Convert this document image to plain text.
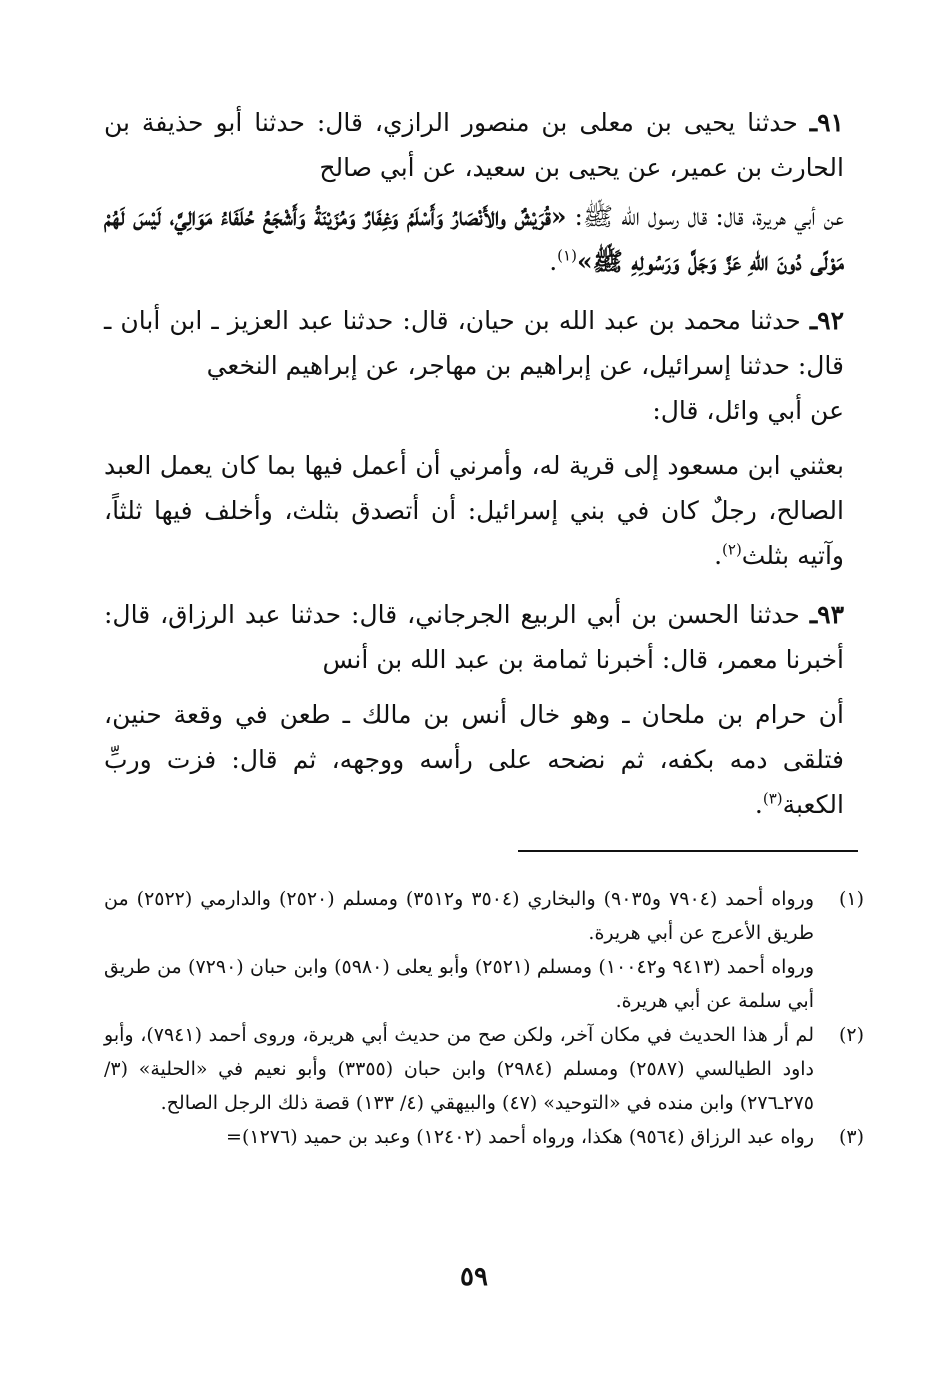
٩١ـ حدثنا يحيى بن معلى بن منصور الرازي، قال: حدثنا أبو حذيفة بن الحارث بن عمير، عن يحيى بن سعيد، عن أبي صالح

عن أبي هريرة، قال: قال رسول الله ﷺ: «قُرَيْشٌ والأَنْصَارُ وَأَسْلَمُ وَغِفَارٌ وَمُزَيْنَةُ وَأَشْجَعُ حُلَفَاءُ مَوَالِيَّ، لَيْسَ لَهُمْ مَوْلًى دُونَ اللهِ عَزَّ وَجَلَّ وَرَسُولِهِ ﷺ»$^{(١)}$.

٩٢ـ حدثنا محمد بن عبد الله بن حيان، قال: حدثنا عبد العزيز ـ ابن أبان ـ قال: حدثنا إسرائيل، عن إبراهيم بن مهاجر، عن إبراهيم النخعي

عن أبي وائل، قال:

بعثني ابن مسعود إلى قرية له، وأمرني أن أعمل فيها بما كان يعمل العبد الصالح، رجلٌ كان في بني إسرائيل: أن أتصدق بثلث، وأخلف فيها ثلثاً، وآتيه بثلث$^{(٢)}$.

٩٣ـ حدثنا الحسن بن أبي الربيع الجرجاني، قال: حدثنا عبد الرزاق، قال: أخبرنا معمر، قال: أخبرنا ثمامة بن عبد الله بن أنس

أن حرام بن ملحان ـ وهو خال أنس بن مالك ـ طعن في وقعة حنين، فتلقى دمه بكفه، ثم نضحه على رأسه ووجهه، ثم قال: فزت وربِّ الكعبة$^{(٣)}$.

(١)

ورواه أحمد (٧٩٠٤ و٩٠٣٥) والبخاري (٣٥٠٤ و٣٥١٢) ومسلم (٢٥٢٠) والدارمي (٢٥٢٢) من طريق الأعرج عن أبي هريرة.

ورواه أحمد (٩٤١٣ و١٠٠٤٢) ومسلم (٢٥٢١) وأبو يعلى (٥٩٨٠) وابن حبان (٧٢٩٠) من طريق أبي سلمة عن أبي هريرة.

(٢)

لم أر هذا الحديث في مكان آخر، ولكن صح من حديث أبي هريرة، وروى أحمد (٧٩٤١)، وأبو داود الطيالسي (٢٥٨٧) ومسلم (٢٩٨٤) وابن حبان (٣٣٥٥) وأبو نعيم في «الحلية» (٣/ ٢٧٥ـ٢٧٦) وابن منده في «التوحيد» (٤٧) والبيهقي (٤/ ١٣٣) قصة ذلك الرجل الصالح.

(٣)

رواه عبد الرزاق (٩٥٦٤) هكذا، ورواه أحمد (١٢٤٠٢) وعبد بن حميد (١٢٧٦)=

٥٩
